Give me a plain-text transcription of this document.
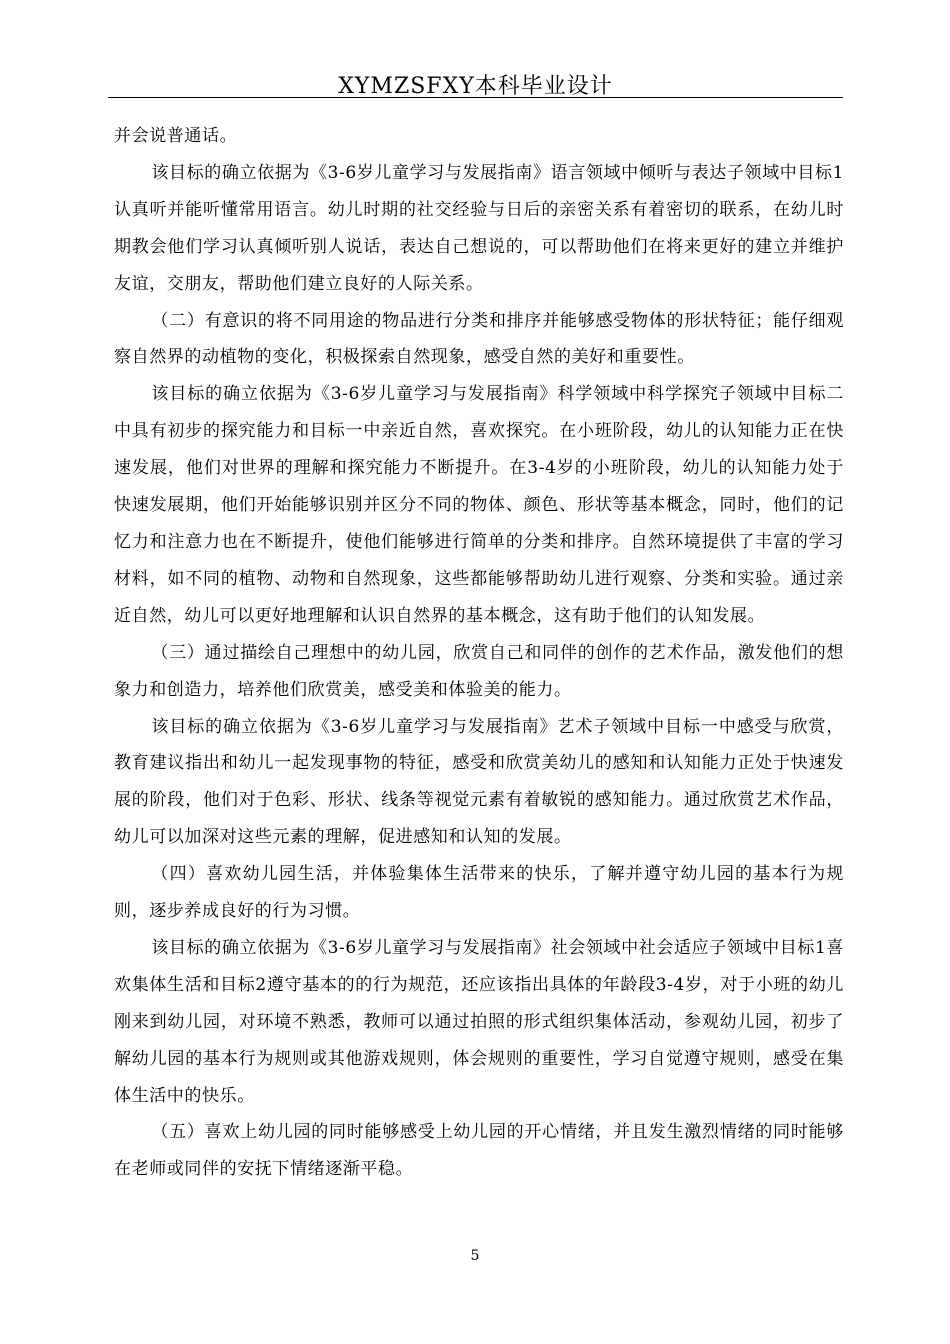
XYMZSFXY本科毕业设计

并会说普通话。

该目标的确立依据为《3-6岁儿童学习与发展指南》语言领域中倾听与表达子领域中目标1认真听并能听懂常用语言。幼儿时期的社交经验与日后的亲密关系有着密切的联系，在幼儿时期教会他们学习认真倾听别人说话，表达自己想说的，可以帮助他们在将来更好的建立并维护友谊，交朋友，帮助他们建立良好的人际关系。

（二）有意识的将不同用途的物品进行分类和排序并能够感受物体的形状特征；能仔细观察自然界的动植物的变化，积极探索自然现象，感受自然的美好和重要性。

该目标的确立依据为《3-6岁儿童学习与发展指南》科学领域中科学探究子领域中目标二中具有初步的探究能力和目标一中亲近自然，喜欢探究。在小班阶段，幼儿的认知能力正在快速发展，他们对世界的理解和探究能力不断提升。在3-4岁的小班阶段，幼儿的认知能力处于快速发展期，他们开始能够识别并区分不同的物体、颜色、形状等基本概念，同时，他们的记忆力和注意力也在不断提升，使他们能够进行简单的分类和排序。自然环境提供了丰富的学习材料，如不同的植物、动物和自然现象，这些都能够帮助幼儿进行观察、分类和实验。通过亲近自然，幼儿可以更好地理解和认识自然界的基本概念，这有助于他们的认知发展。

（三）通过描绘自己理想中的幼儿园，欣赏自己和同伴的创作的艺术作品，激发他们的想象力和创造力，培养他们欣赏美，感受美和体验美的能力。

该目标的确立依据为《3-6岁儿童学习与发展指南》艺术子领域中目标一中感受与欣赏，教育建议指出和幼儿一起发现事物的特征，感受和欣赏美幼儿的感知和认知能力正处于快速发展的阶段，他们对于色彩、形状、线条等视觉元素有着敏锐的感知能力。通过欣赏艺术作品，幼儿可以加深对这些元素的理解，促进感知和认知的发展。

（四）喜欢幼儿园生活，并体验集体生活带来的快乐，了解并遵守幼儿园的基本行为规则，逐步养成良好的行为习惯。

该目标的确立依据为《3-6岁儿童学习与发展指南》社会领域中社会适应子领域中目标1喜欢集体生活和目标2遵守基本的的行为规范，还应该指出具体的年龄段3-4岁，对于小班的幼儿刚来到幼儿园，对环境不熟悉，教师可以通过拍照的形式组织集体活动，参观幼儿园，初步了解幼儿园的基本行为规则或其他游戏规则，体会规则的重要性，学习自觉遵守规则，感受在集体生活中的快乐。

（五）喜欢上幼儿园的同时能够感受上幼儿园的开心情绪，并且发生激烈情绪的同时能够在老师或同伴的安抚下情绪逐渐平稳。

5
